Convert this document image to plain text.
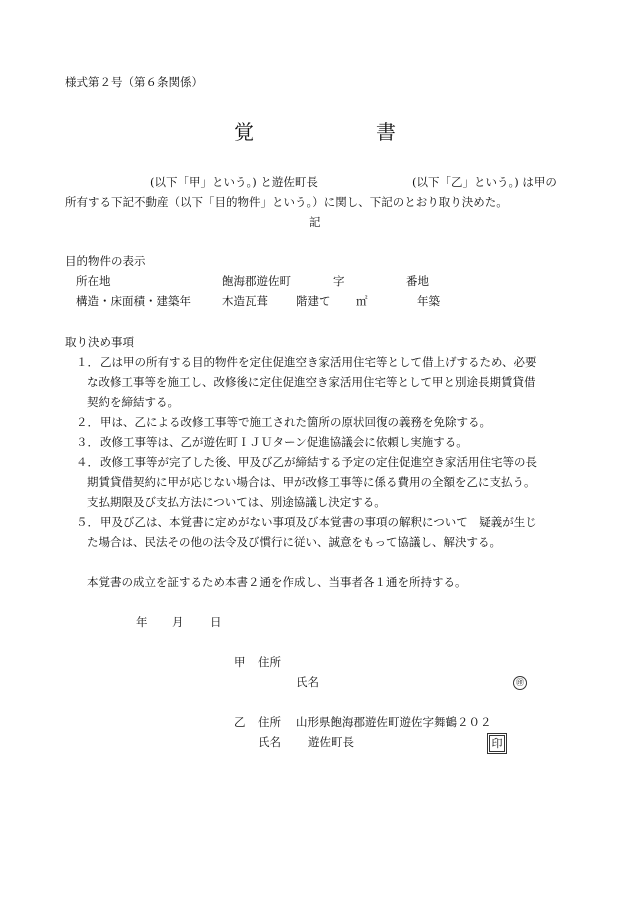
様式第２号（第６条関係）
覚	書
(以下「甲」という。) と遊佐町長	(以下「乙」という。) は甲の
所有する下記不動産（以下「目的物件」という。）に関し、下記のとおり取り決めた。
記
目的物件の表示
所在地	飽海郡遊佐町	字	番地
構造・床面積・建築年	木造瓦葺 階建て ㎡	年築
取り決め事項
１． 乙は甲の所有する目的物件を定住促進空き家活用住宅等として借上げするため、必要
な改修工事等を施工し、改修後に定住促進空き家活用住宅等として甲と別途長期賃貸借
契約を締結する。
２． 甲は、乙による改修工事等で施工された箇所の原状回復の義務を免除する。
３． 改修工事等は、乙が遊佐町ＩＪＵターン促進協議会に依頼し実施する。
４． 改修工事等が完了した後、甲及び乙が締結する予定の定住促進空き家活用住宅等の長
期賃貸借契約に甲が応じない場合は、甲が改修工事等に係る費用の全額を乙に支払う。
支払期限及び支払方法については、別途協議し決定する。
５． 甲及び乙は、本覚書に定めがない事項及び本覚書の事項の解釈について　疑義が生じ
た場合は、民法その他の法令及び慣行に従い、誠意をもって協議し、解決する。
本覚書の成立を証するため本書２通を作成し、当事者各１通を所持する。
年 月 日
甲 住所
氏名	㊞
乙 住所 山形県飽海郡遊佐町遊佐字舞鶴２０２
氏名 遊佐町長	印
